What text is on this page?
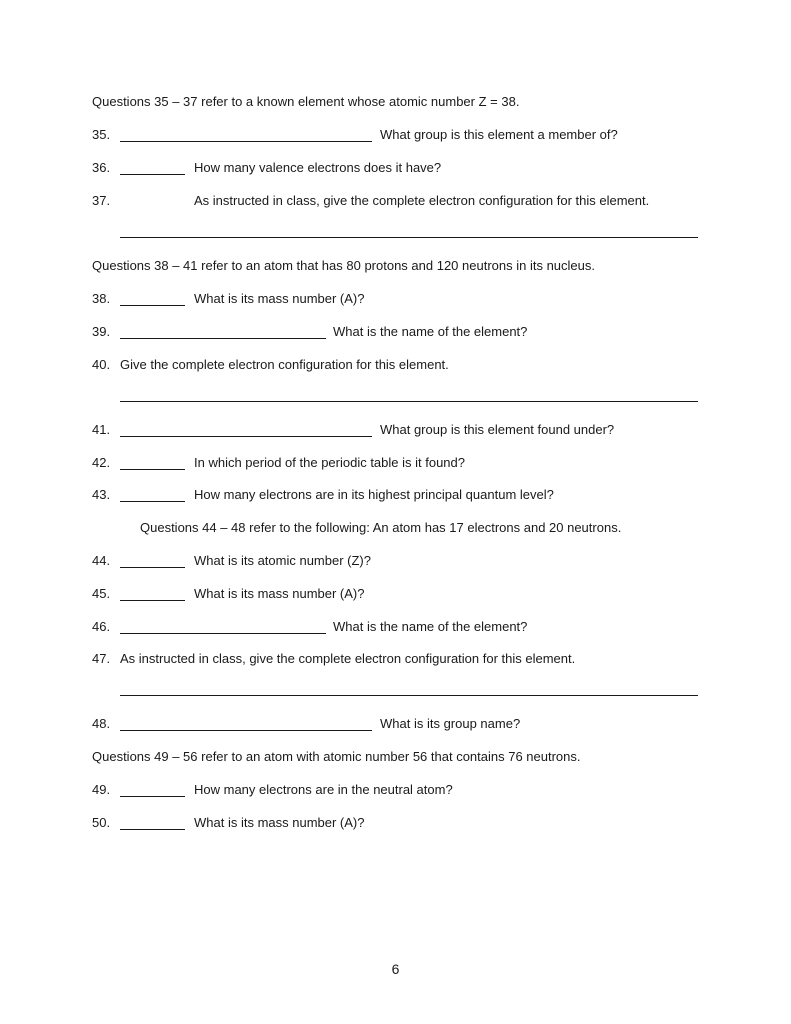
Questions 35 – 37 refer to a known element whose atomic number Z = 38.
35.	What group is this element a member of?
36.	How many valence electrons does it have?
37.	As instructed in class, give the complete electron configuration for this element.
Questions 38 – 41 refer to an atom that has 80 protons and 120 neutrons in its nucleus.
38.	What is its mass number (A)?
39.	What is the name of the element?
40. Give the complete electron configuration for this element.
41.	What group is this element found under?
42.	In which period of the periodic table is it found?
43.	How many electrons are in its highest principal quantum level?
Questions 44 – 48 refer to the following: An atom has 17 electrons and 20 neutrons.
44.	What is its atomic number (Z)?
45.	What is its mass number (A)?
46.	What is the name of the element?
47. As instructed in class, give the complete electron configuration for this element.
48.	What is its group name?
Questions 49 – 56 refer to an atom with atomic number 56 that contains 76 neutrons.
49.	How many electrons are in the neutral atom?
50.	What is its mass number (A)?
6
